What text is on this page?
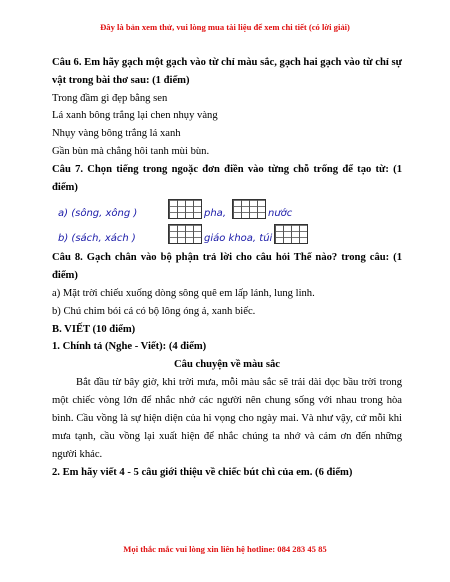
Đây là bản xem thử, vui lòng mua tài liệu để xem chi tiết (có lời giải)

Câu 6. Em hãy gạch một gạch vào từ chỉ màu sắc, gạch hai gạch vào từ chỉ sự vật trong bài thơ sau: (1 điểm)

Trong đầm gì đẹp bằng sen

Lá xanh bông trắng lại chen nhụy vàng

Nhụy vàng bông trắng lá xanh

Gần bùn mà chẳng hôi tanh mùi bùn.

Câu 7. Chọn tiếng trong ngoặc đơn điền vào từng chỗ trống để tạo từ: (1 điểm)

a) (sông, xông )	pha,	nước
b) (sách, xách )	giáo khoa, túi

Câu 8. Gạch chân vào bộ phận trả lời cho câu hỏi Thế nào? trong câu: (1 điểm)

a) Mặt trời chiếu xuống dòng sông quê em lấp lánh, lung linh.

b) Chú chim bói cá có bộ lông óng ả, xanh biếc.

B. VIẾT (10 điểm)

1. Chính tả (Nghe - Viết): (4 điểm)

Câu chuyện về màu sắc

Bắt đầu từ bây giờ, khi trời mưa, mỗi màu sắc sẽ trải dài dọc bầu trời trong một chiếc vòng lớn để nhắc nhở các người nên chung sống với nhau trong hòa bình. Cầu vồng là sự hiện diện của hi vọng cho ngày mai. Và như vậy, cứ mỗi khi mưa tạnh, cầu vồng lại xuất hiện để nhắc chúng ta nhớ và cảm ơn đến những người khác.

2. Em hãy viết 4 - 5 câu giới thiệu về chiếc bút chì của em. (6 điểm)

Mọi thắc mắc vui lòng xin liên hệ hotline: 084 283 45 85
